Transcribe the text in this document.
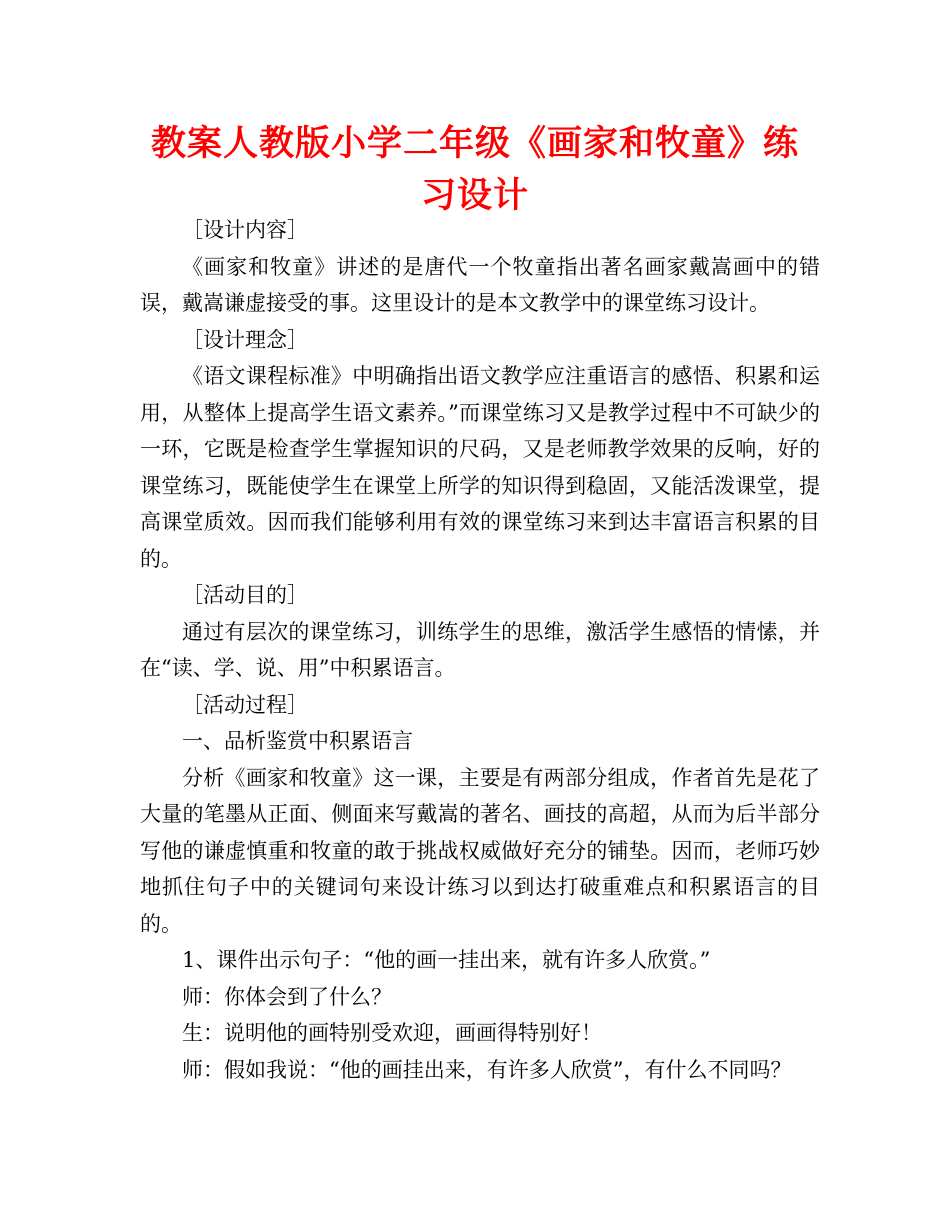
教案人教版小学二年级《画家和牧童》练习设计

［设计内容］

《画家和牧童》讲述的是唐代一个牧童指出著名画家戴嵩画中的错误，戴嵩谦虚接受的事。这里设计的是本文教学中的课堂练习设计。

［设计理念］

《语文课程标准》中明确指出语文教学应注重语言的感悟、积累和运用，从整体上提高学生语文素养。”而课堂练习又是教学过程中不可缺少的一环，它既是检查学生掌握知识的尺码，又是老师教学效果的反响，好的课堂练习，既能使学生在课堂上所学的知识得到稳固，又能活泼课堂，提高课堂质效。因而我们能够利用有效的课堂练习来到达丰富语言积累的目的。

［活动目的］

通过有层次的课堂练习，训练学生的思维，激活学生感悟的情愫，并在“读、学、说、用”中积累语言。

［活动过程］

一、品析鉴赏中积累语言

分析《画家和牧童》这一课，主要是有两部分组成，作者首先是花了大量的笔墨从正面、侧面来写戴嵩的著名、画技的高超，从而为后半部分写他的谦虚慎重和牧童的敢于挑战权威做好充分的铺垫。因而，老师巧妙地抓住句子中的关键词句来设计练习以到达打破重难点和积累语言的目的。

1、课件出示句子：“他的画一挂出来，就有许多人欣赏。”

师：你体会到了什么？

生：说明他的画特别受欢迎，画画得特别好！

师：假如我说：“他的画挂出来，有许多人欣赏”，有什么不同吗？
